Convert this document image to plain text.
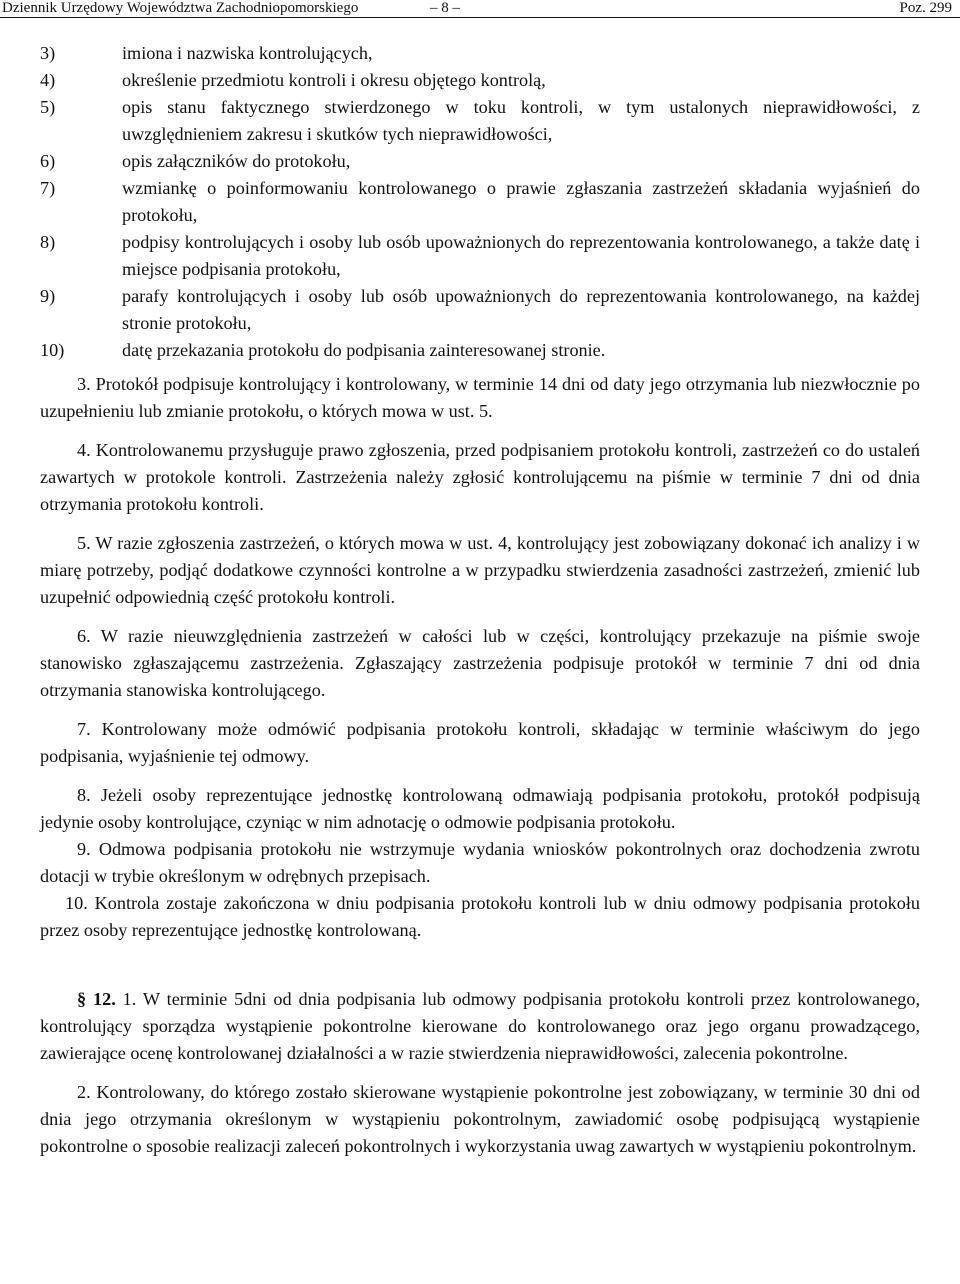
Dziennik Urzędowy Województwa Zachodniopomorskiego	– 8 –	Poz. 299
3)	imiona i nazwiska kontrolujących,
4)	określenie przedmiotu kontroli i okresu objętego kontrolą,
5)	opis stanu faktycznego stwierdzonego w toku kontroli, w tym ustalonych nieprawidłowości, z uwzględnieniem zakresu i skutków tych nieprawidłowości,
6)	opis załączników do protokołu,
7)	wzmiankę o poinformowaniu kontrolowanego o prawie zgłaszania zastrzeżeń składania wyjaśnień do protokołu,
8)	podpisy kontrolujących i osoby lub osób upoważnionych do reprezentowania kontrolowanego, a także datę i miejsce podpisania protokołu,
9)	parafy kontrolujących i osoby lub osób upoważnionych do reprezentowania kontrolowanego, na każdej stronie protokołu,
10)	datę przekazania protokołu do podpisania zainteresowanej stronie.
3. Protokół podpisuje kontrolujący i kontrolowany, w terminie 14 dni od daty jego otrzymania lub niezwłocznie po uzupełnieniu lub zmianie protokołu, o których mowa w ust. 5.
4. Kontrolowanemu przysługuje prawo zgłoszenia, przed podpisaniem protokołu kontroli, zastrzeżeń co do ustaleń zawartych w protokole kontroli. Zastrzeżenia należy zgłosić kontrolującemu na piśmie w terminie 7 dni od dnia otrzymania protokołu kontroli.
5. W razie zgłoszenia zastrzeżeń, o których mowa w ust. 4, kontrolujący jest zobowiązany dokonać ich analizy i w miarę potrzeby, podjąć dodatkowe czynności kontrolne a w przypadku stwierdzenia zasadności zastrzeżeń, zmienić lub uzupełnić odpowiednią część protokołu kontroli.
6. W razie nieuwzględnienia zastrzeżeń w całości lub w części, kontrolujący przekazuje na piśmie swoje stanowisko zgłaszającemu zastrzeżenia. Zgłaszający zastrzeżenia podpisuje protokół w terminie 7 dni od dnia otrzymania stanowiska kontrolującego.
7. Kontrolowany może odmówić podpisania protokołu kontroli, składając w terminie właściwym do jego podpisania, wyjaśnienie tej odmowy.
8. Jeżeli osoby reprezentujące jednostkę kontrolowaną odmawiają podpisania protokołu, protokół podpisują jedynie osoby kontrolujące, czyniąc w nim adnotację o odmowie podpisania protokołu.
9. Odmowa podpisania protokołu nie wstrzymuje wydania wniosków pokontrolnych oraz dochodzenia zwrotu dotacji w trybie określonym w odrębnych przepisach.
10. Kontrola zostaje zakończona w dniu podpisania protokołu kontroli lub w dniu odmowy podpisania protokołu przez osoby reprezentujące jednostkę kontrolowaną.
§ 12. 1. W terminie 5dni od dnia podpisania lub odmowy podpisania protokołu kontroli przez kontrolowanego, kontrolujący sporządza wystąpienie pokontrolne kierowane do kontrolowanego oraz jego organu prowadzącego, zawierające ocenę kontrolowanej działalności a w razie stwierdzenia nieprawidłowości, zalecenia pokontrolne.
2. Kontrolowany, do którego zostało skierowane wystąpienie pokontrolne jest zobowiązany, w terminie 30 dni od dnia jego otrzymania określonym w wystąpieniu pokontrolnym, zawiadomić osobę podpisującą wystąpienie pokontrolne o sposobie realizacji zaleceń pokontrolnych i wykorzystania uwag zawartych w wystąpieniu pokontrolnym.
